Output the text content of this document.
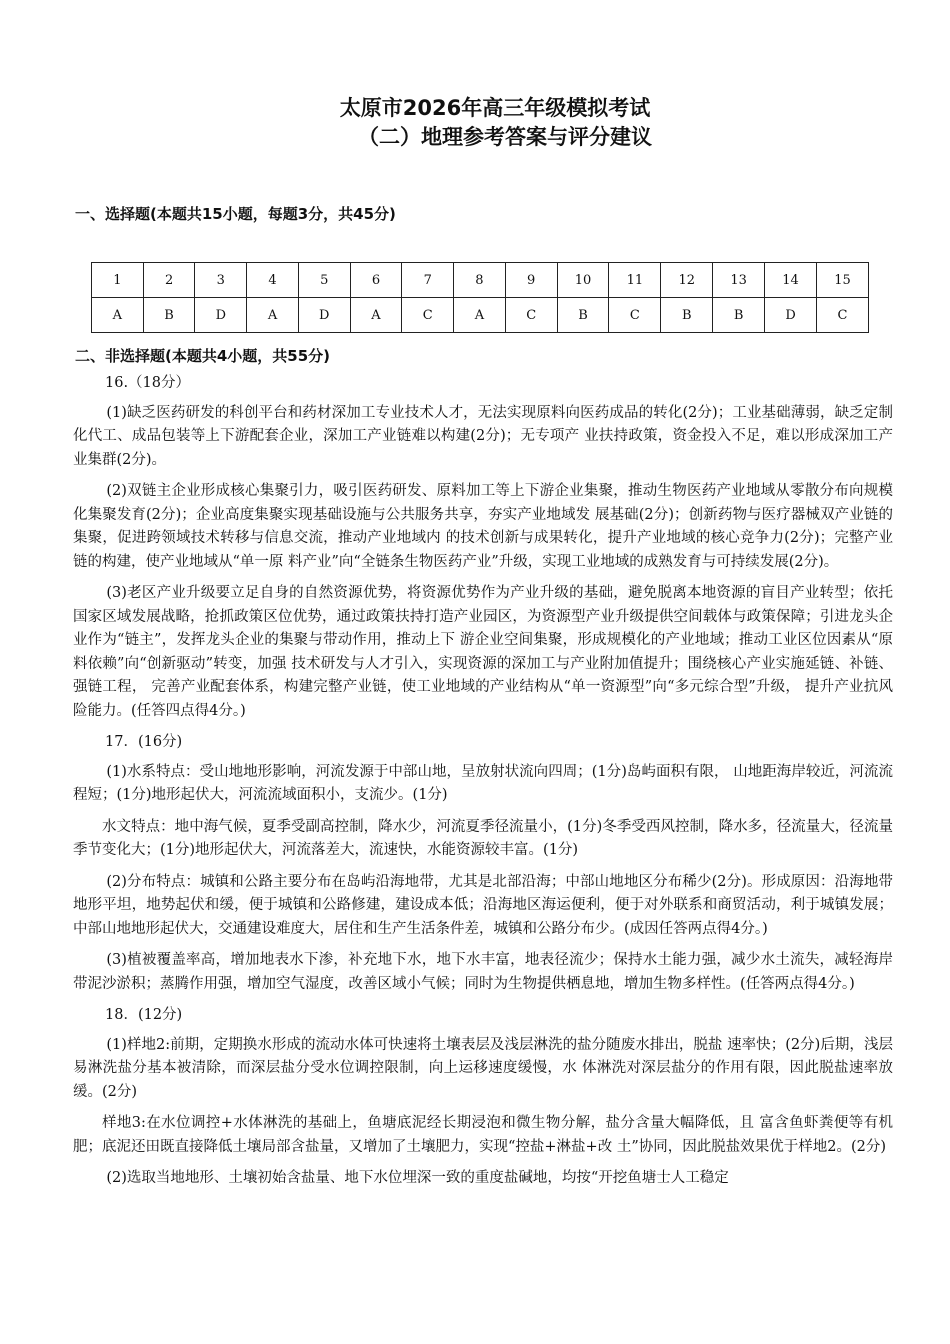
太原市2026年高三年级模拟考试
（二）地理参考答案与评分建议
一、选择题(本题共15小题，每题3分，共45分)
1	2	3	4	5	6	7	8	9	10	11	12	13	14	15
A	B	D	A	D	A	C	A	C	B	C	B	B	D	C
二、非选择题(本题共4小题，共55分)

16.（18分）

(1)缺乏医药研发的科创平台和药材深加工专业技术人才，无法实现原料向医药成品的转化(2分)；工业基础薄弱，缺乏定制化代工、成品包装等上下游配套企业，深加工产业链难以构建(2分)；无专项产 业扶持政策，资金投入不足，难以形成深加工产业集群(2分)。

(2)双链主企业形成核心集聚引力，吸引医药研发、原料加工等上下游企业集聚，推动生物医药产业地域从零散分布向规模化集聚发育(2分)；企业高度集聚实现基础设施与公共服务共享，夯实产业地域发 展基础(2分)；创新药物与医疗器械双产业链的集聚，促进跨领域技术转移与信息交流，推动产业地域内 的技术创新与成果转化，提升产业地域的核心竞争力(2分)；完整产业链的构建，使产业地域从“单一原 料产业”向“全链条生物医药产业”升级，实现工业地域的成熟发育与可持续发展(2分)。

(3)老区产业升级要立足自身的自然资源优势，将资源优势作为产业升级的基础，避免脱离本地资源的盲目产业转型；依托国家区域发展战略，抢抓政策区位优势，通过政策扶持打造产业园区，为资源型产业升级提供空间载体与政策保障；引进龙头企业作为“链主”，发挥龙头企业的集聚与带动作用，推动上下 游企业空间集聚，形成规模化的产业地域；推动工业区位因素从“原料依赖”向“创新驱动”转变，加强 技术研发与人才引入，实现资源的深加工与产业附加值提升；围绕核心产业实施延链、补链、强链工程， 完善产业配套体系，构建完整产业链，使工业地域的产业结构从“单一资源型”向“多元综合型”升级， 提升产业抗风险能力。(任答四点得4分。)

17．(16分)

(1)水系特点：受山地地形影响，河流发源于中部山地，呈放射状流向四周；(1分)岛屿面积有限， 山地距海岸较近，河流流程短；(1分)地形起伏大，河流流域面积小，支流少。(1分)

水文特点：地中海气候，夏季受副高控制，降水少，河流夏季径流量小，(1分)冬季受西风控制，降水多，径流量大，径流量季节变化大；(1分)地形起伏大，河流落差大，流速快，水能资源较丰富。(1分)

(2)分布特点：城镇和公路主要分布在岛屿沿海地带，尤其是北部沿海；中部山地地区分布稀少(2分)。形成原因：沿海地带地形平坦，地势起伏和缓，便于城镇和公路修建，建设成本低；沿海地区海运便利，便于对外联系和商贸活动，利于城镇发展；中部山地地形起伏大，交通建设难度大，居住和生产生活条件差，城镇和公路分布少。(成因任答两点得4分。)

(3)植被覆盖率高，增加地表水下渗，补充地下水，地下水丰富，地表径流少；保持水土能力强，减少水土流失，减轻海岸带泥沙淤积；蒸腾作用强，增加空气湿度，改善区域小气候；同时为生物提供栖息地，增加生物多样性。(任答两点得4分。)

18．(12分)

(1)样地2:前期，定期换水形成的流动水体可快速将土壤表层及浅层淋洗的盐分随废水排出，脱盐 速率快；(2分)后期，浅层易淋洗盐分基本被清除，而深层盐分受水位调控限制，向上运移速度缓慢，水 体淋洗对深层盐分的作用有限，因此脱盐速率放缓。(2分)

样地3:在水位调控+水体淋洗的基础上，鱼塘底泥经长期浸泡和微生物分解，盐分含量大幅降低，且 富含鱼虾粪便等有机肥；底泥还田既直接降低土壤局部含盐量，又增加了土壤肥力，实现“控盐+淋盐+改 土”协同，因此脱盐效果优于样地2。(2分)

(2)选取当地地形、土壤初始含盐量、地下水位埋深一致的重度盐碱地，均按“开挖鱼塘士人工稳定
